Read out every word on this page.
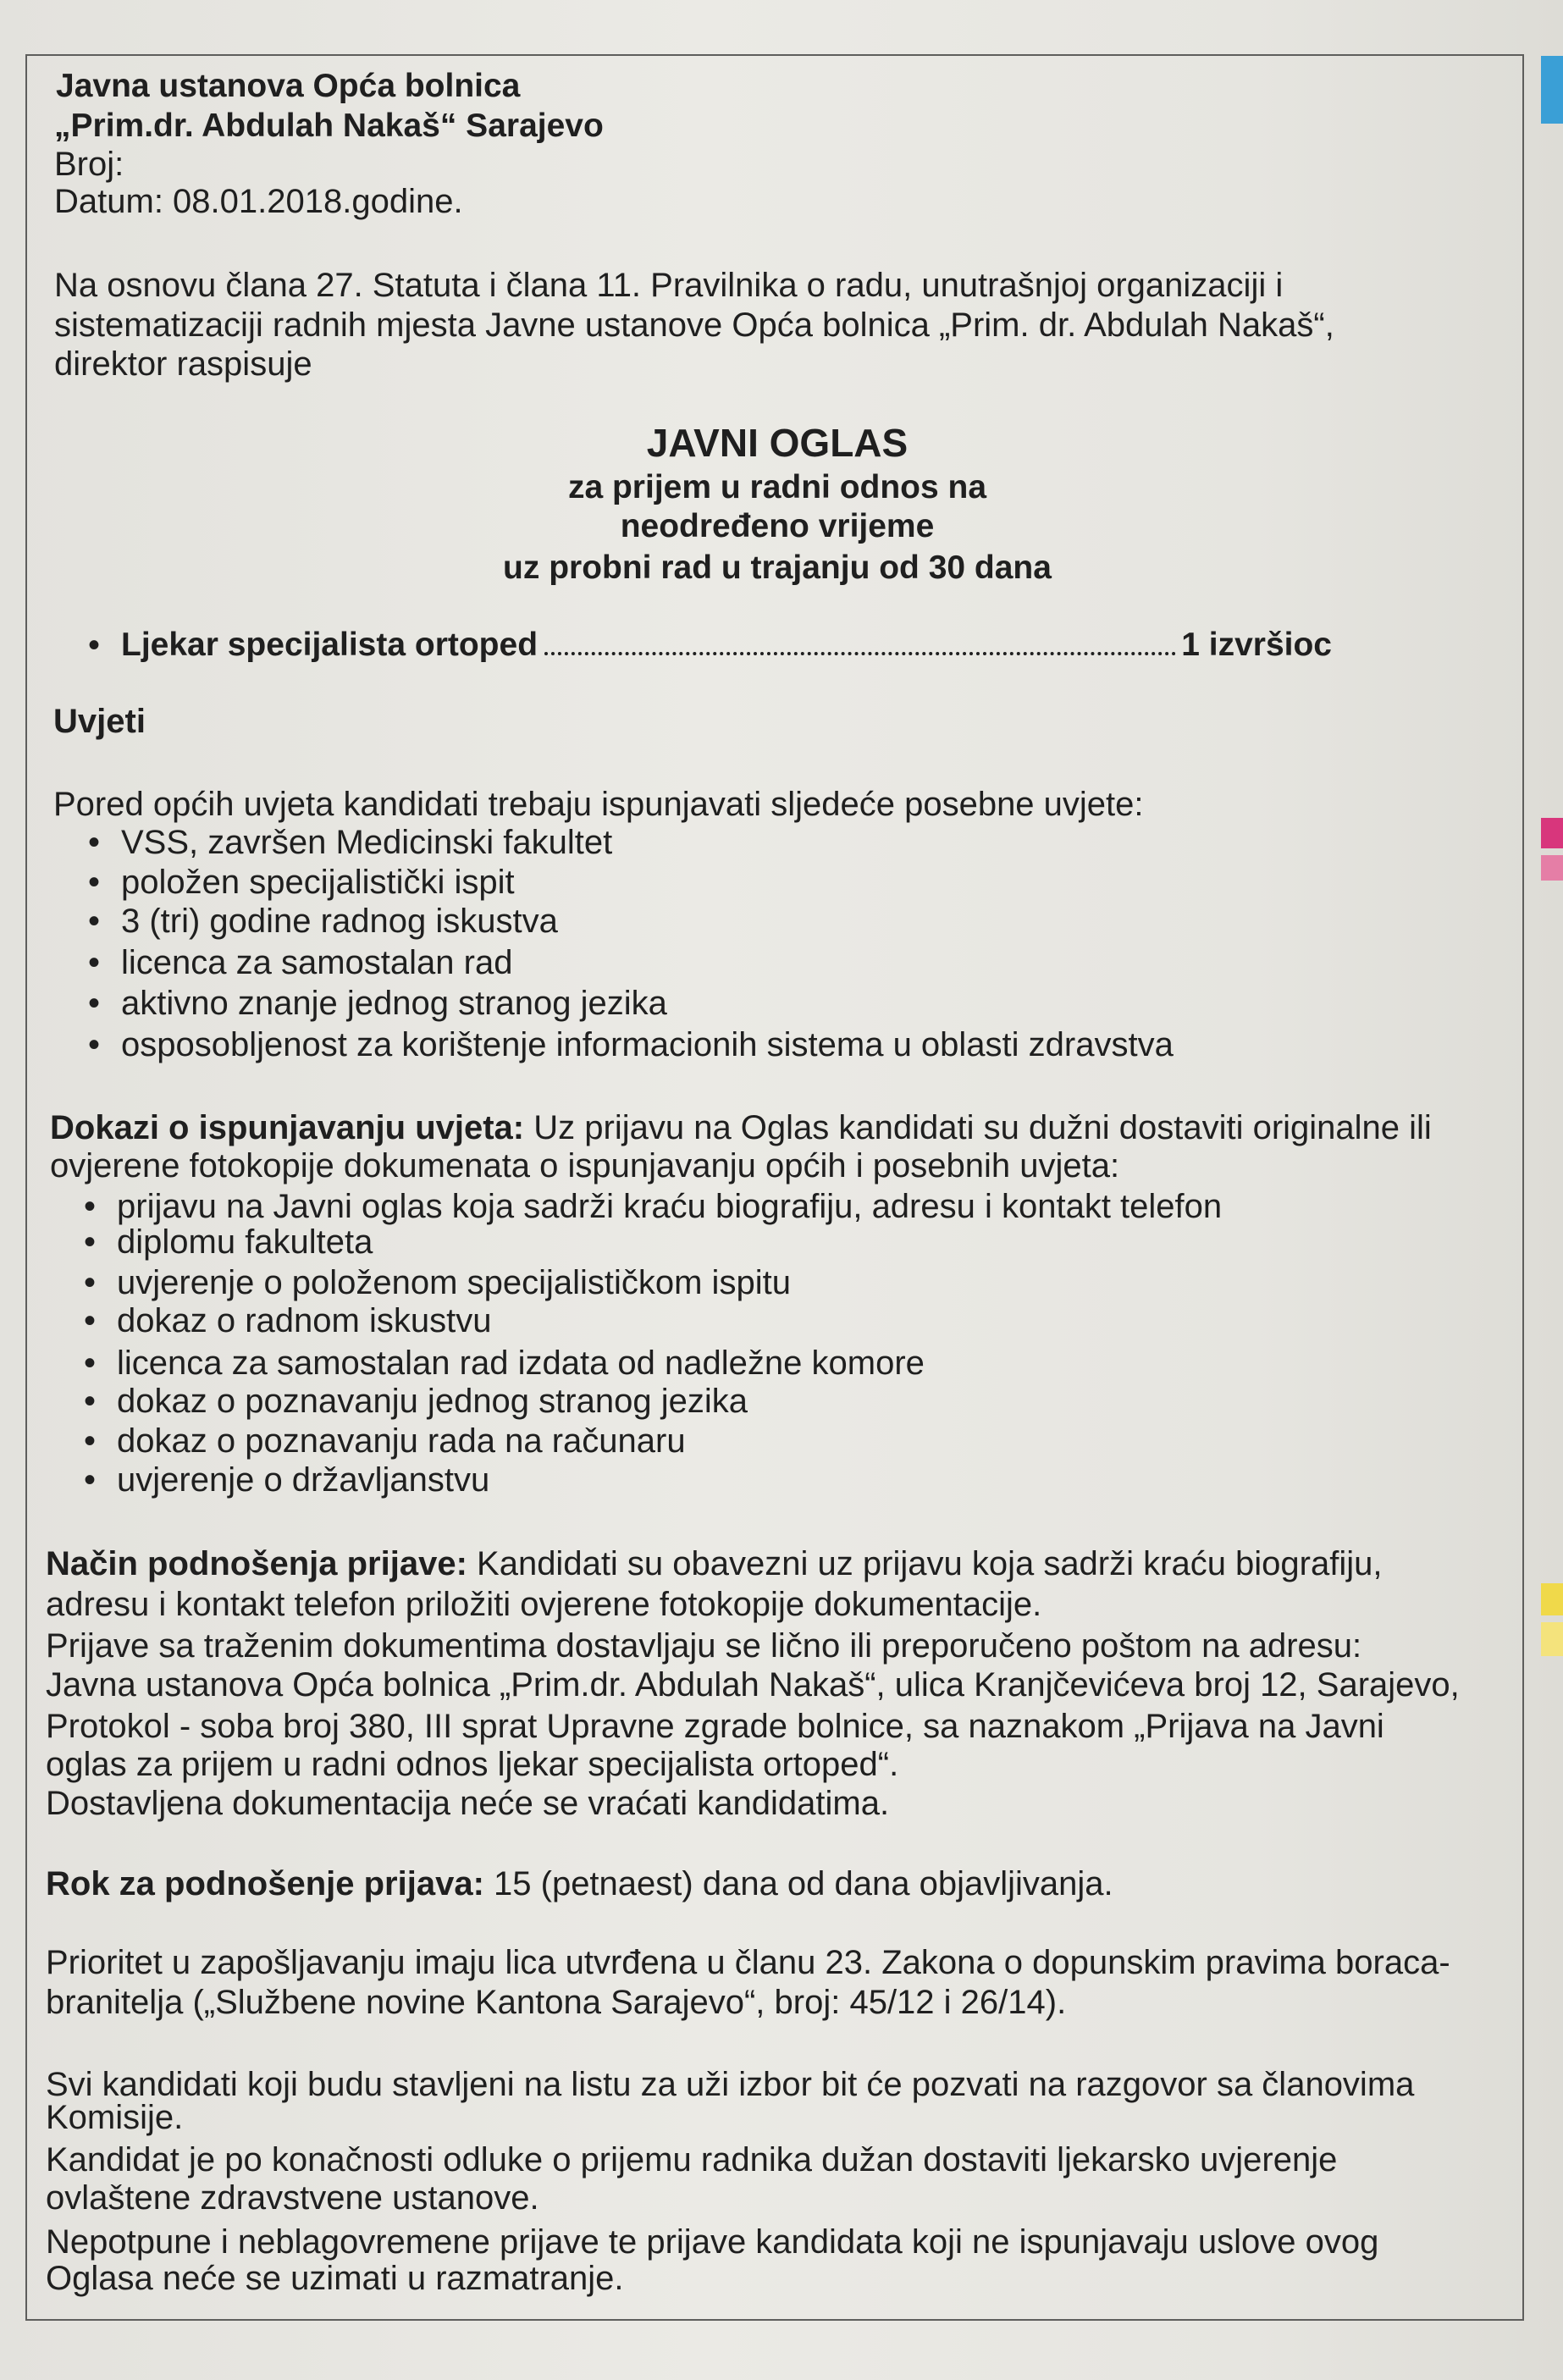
Javna ustanova Opća bolnica
„Prim.dr. Abdulah Nakaš“ Sarajevo
Broj:
Datum: 08.01.2018.godine.
Na osnovu člana 27. Statuta i člana 11. Pravilnika o radu, unutrašnjoj organizaciji i
sistematizaciji radnih mjesta Javne ustanove Opća bolnica „Prim. dr. Abdulah Nakaš“,
direktor raspisuje
JAVNI OGLAS
za prijem u radni odnos na
neodređeno vrijeme
uz probni rad u trajanju od 30 dana
• Ljekar specijalista ortoped	1 izvršioc
Uvjeti
Pored općih uvjeta kandidati trebaju ispunjavati sljedeće posebne uvjete:
• VSS, završen Medicinski fakultet
• položen specijalistički ispit
• 3 (tri) godine radnog iskustva
• licenca za samostalan rad
• aktivno znanje jednog stranog jezika
• osposobljenost za korištenje informacionih sistema u oblasti zdravstva
Dokazi o ispunjavanju uvjeta: Uz prijavu na Oglas kandidati su dužni dostaviti originalne ili
ovjerene fotokopije dokumenata o ispunjavanju općih i posebnih uvjeta:
• prijavu na Javni oglas koja sadrži kraću biografiju, adresu i kontakt telefon
• diplomu fakulteta
• uvjerenje o položenom specijalističkom ispitu
• dokaz o radnom iskustvu
• licenca za samostalan rad izdata od nadležne komore
• dokaz o poznavanju jednog stranog jezika
• dokaz o poznavanju rada na računaru
• uvjerenje o državljanstvu
Način podnošenja prijave: Kandidati su obavezni uz prijavu koja sadrži kraću biografiju,
adresu i kontakt telefon priložiti ovjerene fotokopije dokumentacije.
Prijave sa traženim dokumentima dostavljaju se lično ili preporučeno poštom na adresu:
Javna ustanova Opća bolnica „Prim.dr. Abdulah Nakaš“, ulica Kranjčevićeva broj 12, Sarajevo,
Protokol - soba broj 380, III sprat Upravne zgrade bolnice, sa naznakom „Prijava na Javni
oglas za prijem u radni odnos ljekar specijalista ortoped“.
Dostavljena dokumentacija neće se vraćati kandidatima.
Rok za podnošenje prijava: 15 (petnaest) dana od dana objavljivanja.
Prioritet u zapošljavanju imaju lica utvrđena u članu 23. Zakona o dopunskim pravima boraca-
branitelja („Službene novine Kantona Sarajevo“, broj: 45/12 i 26/14).
Svi kandidati koji budu stavljeni na listu za uži izbor bit će pozvati na razgovor sa članovima
Komisije.
Kandidat je po konačnosti odluke o prijemu radnika dužan dostaviti ljekarsko uvjerenje
ovlaštene zdravstvene ustanove.
Nepotpune i neblagovremene prijave te prijave kandidata koji ne ispunjavaju uslove ovog
Oglasa neće se uzimati u razmatranje.
